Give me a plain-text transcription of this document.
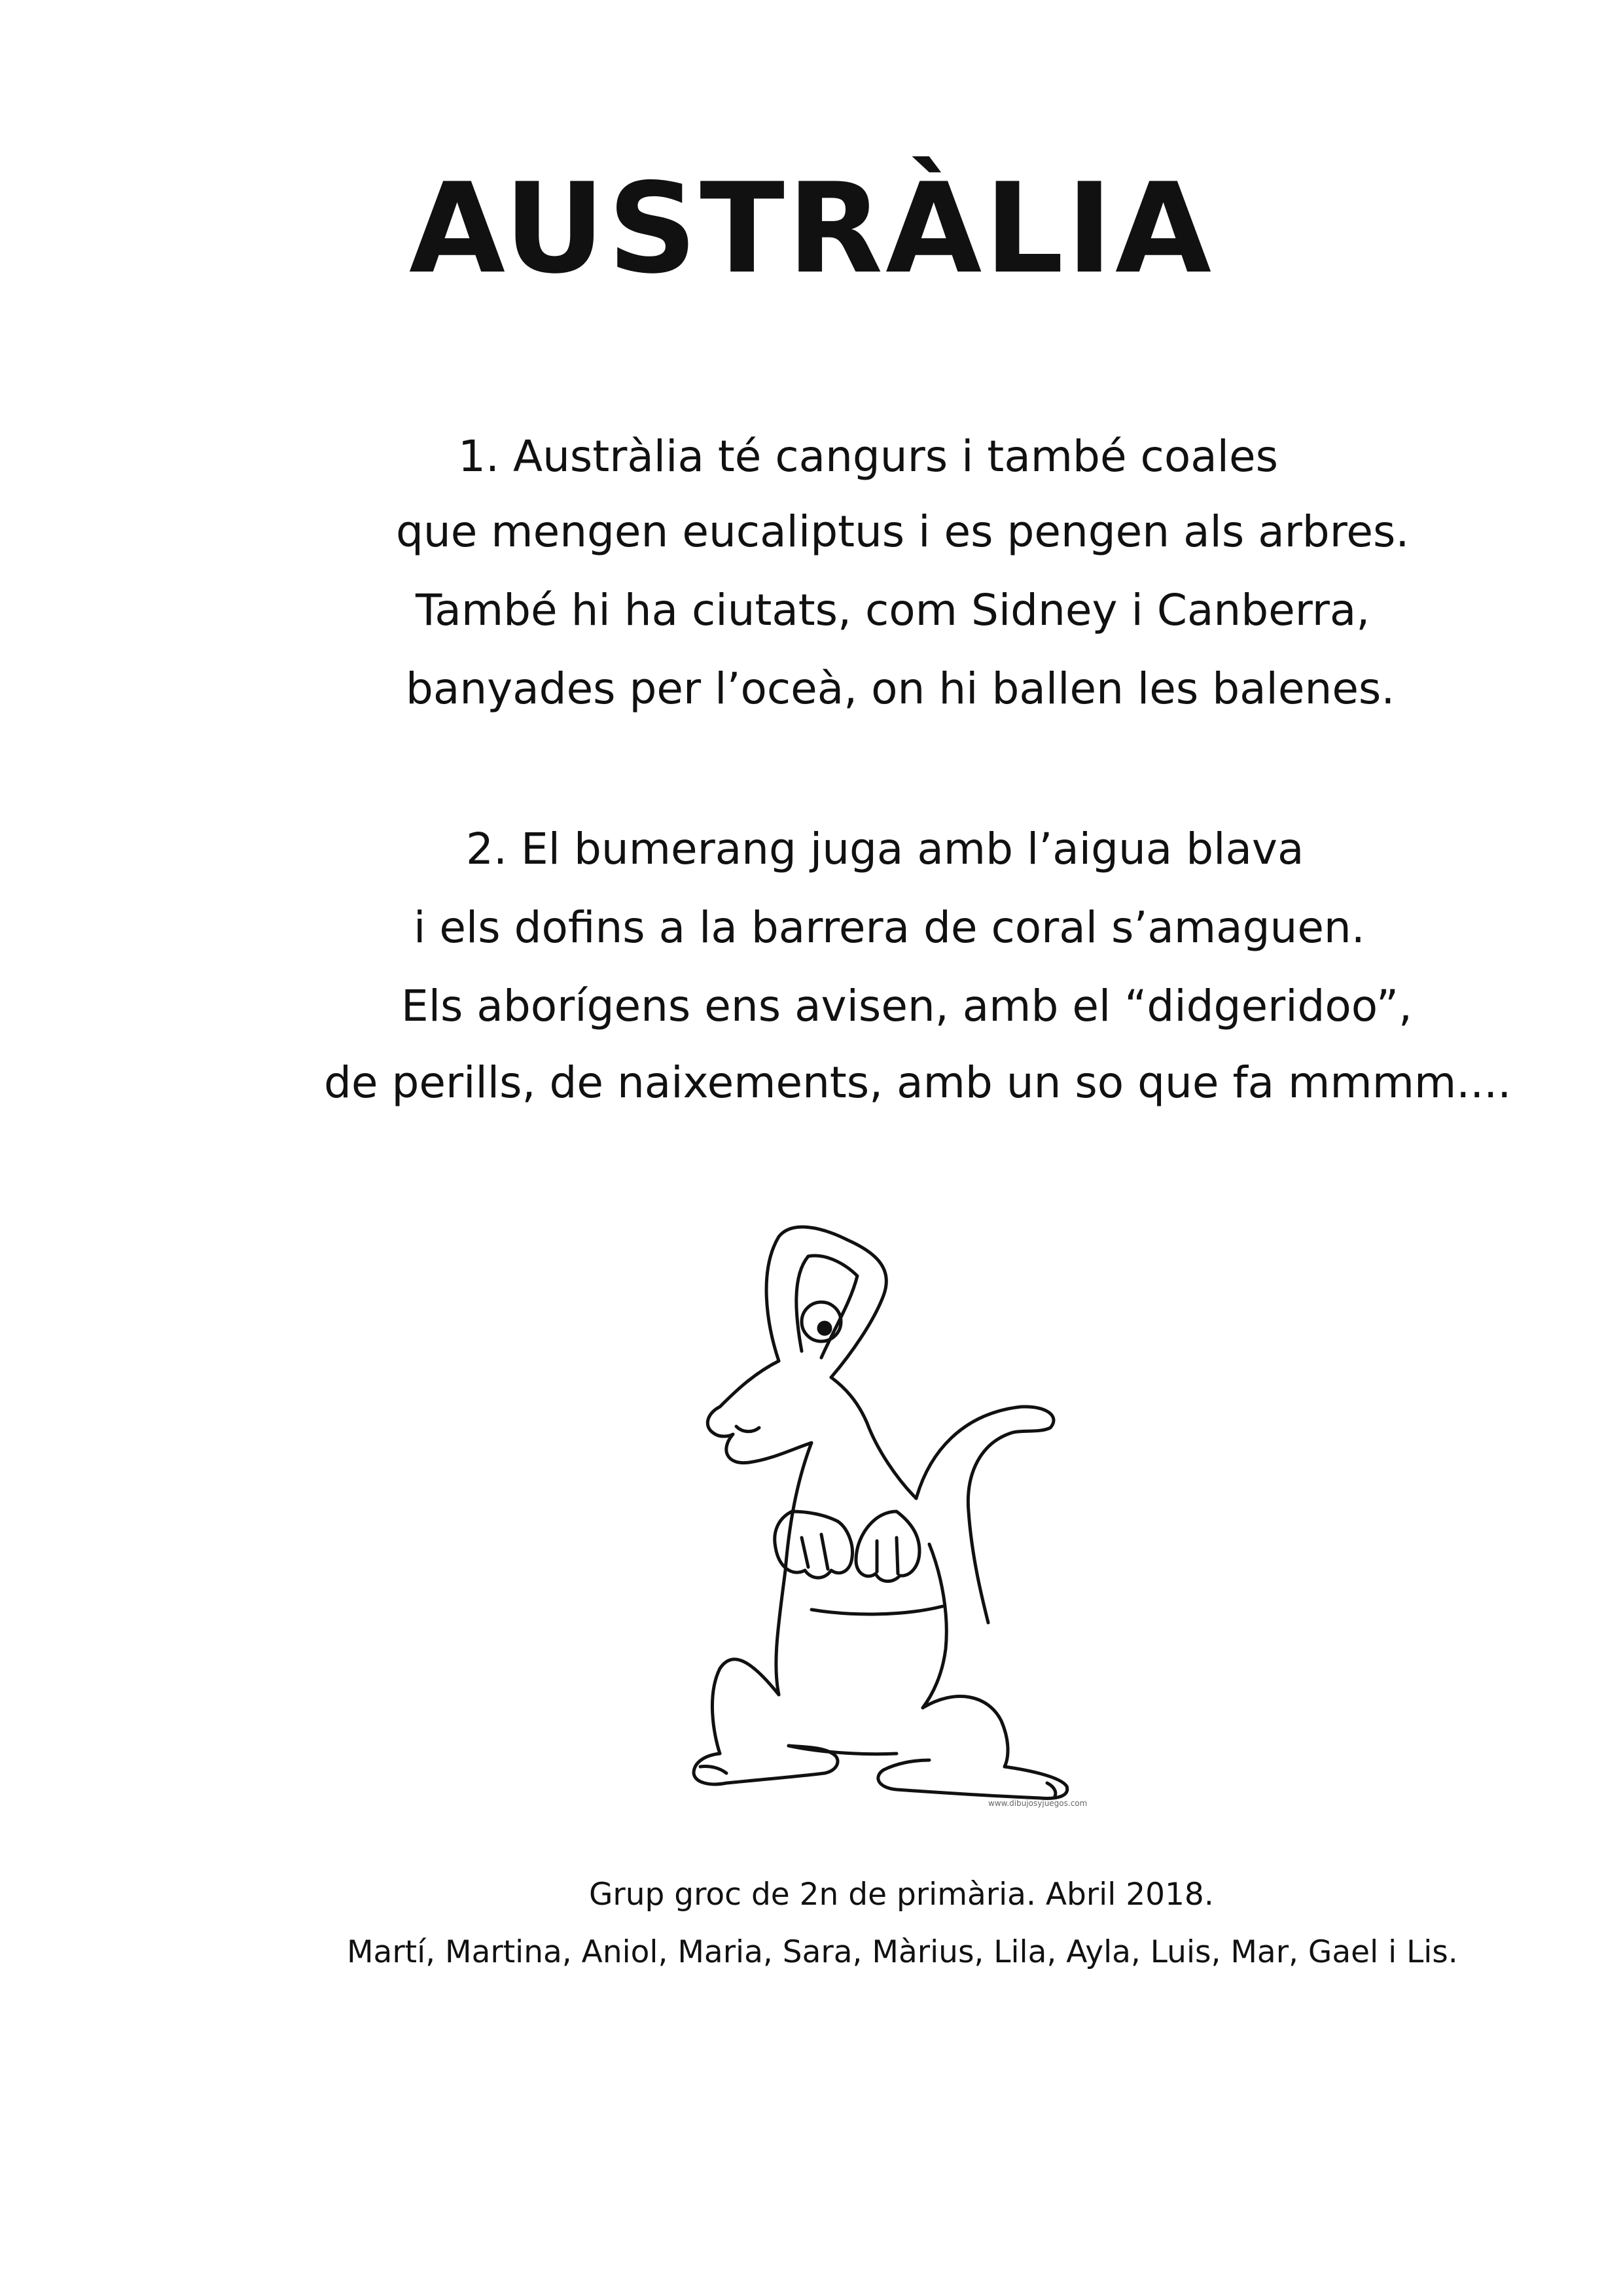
AUSTRÀLIA
1. Austràlia té cangurs i també coales
que mengen eucaliptus i es pengen als arbres.
També hi ha ciutats, com Sidney i Canberra,
banyades per l’oceà, on hi ballen les balenes.
2. El bumerang juga amb l’aigua blava
i els dofins a la barrera de coral s’amaguen.
Els aborígens ens avisen, amb el “didgeridoo”,
de perills, de naixements, amb un so que fa mmmm....
www.dibujosyjuegos.com
Grup groc de 2n de primària. Abril 2018.
Martí, Martina, Aniol, Maria, Sara, Màrius, Lila, Ayla, Luis, Mar, Gael i Lis.
